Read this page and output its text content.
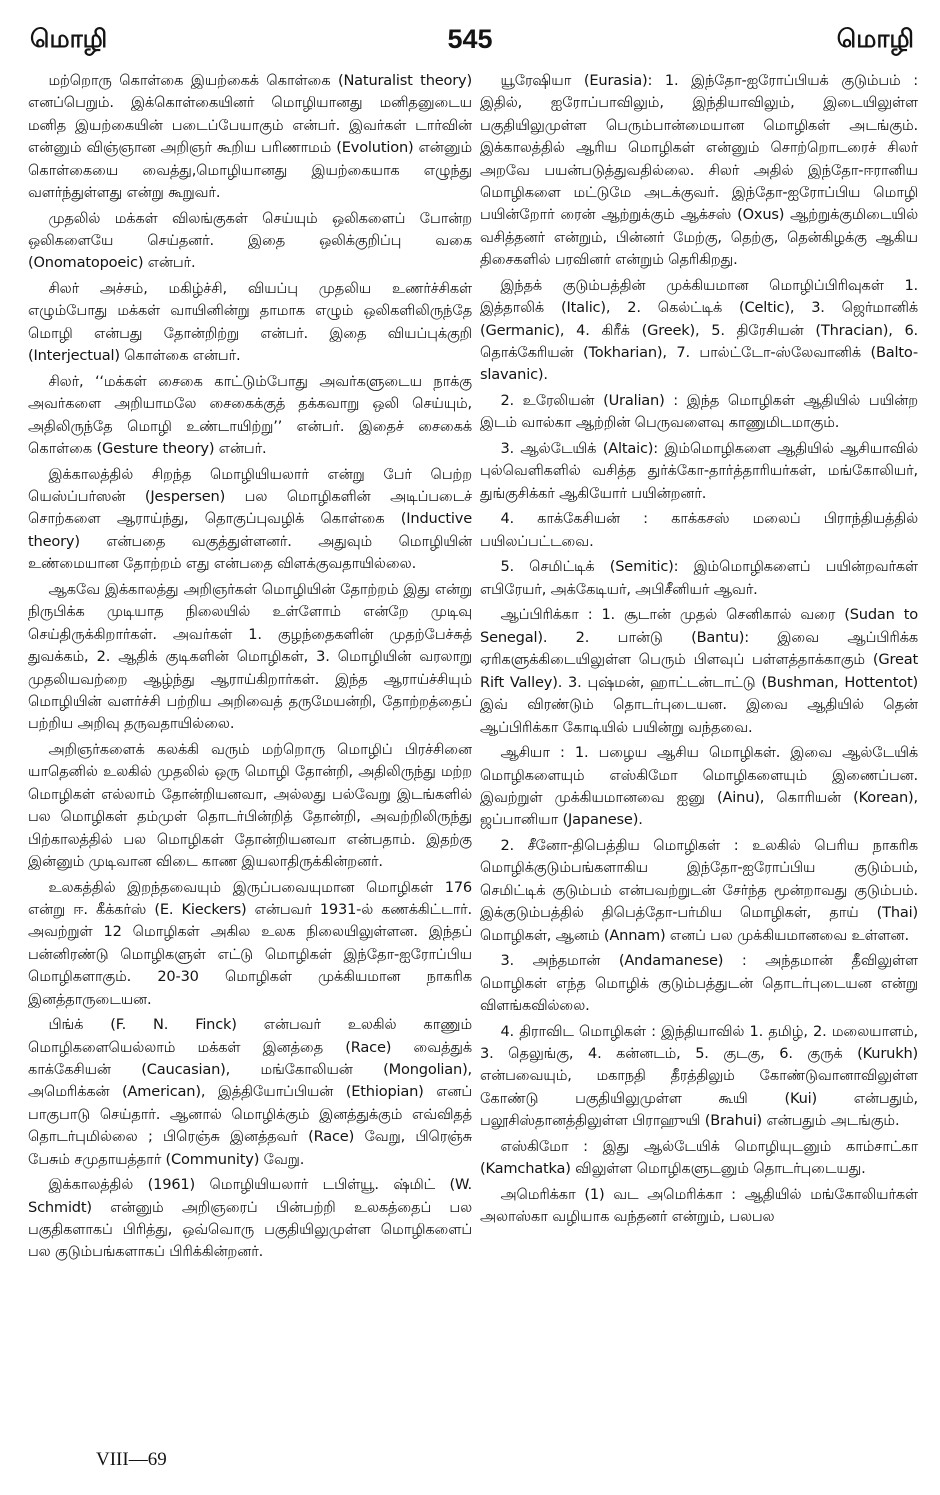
மொழி	545	மொழி

மற்றொரு கொள்கை இயற்கைக் கொள்கை (Naturalist theory) எனப்பெறும். இக்கொள்கையினர் மொழியானது மனிதனுடைய மனித இயற்கையின் படைப்பேயாகும் என்பர். இவர்கள் டார்வின் என்னும் விஞ்ஞான அறிஞர் கூறிய பரிணாமம் (Evolution) என்னும் கொள்கையை வைத்து,மொழியானது இயற்கையாக எழுந்து வளர்ந்துள்ளது என்று கூறுவர்.

முதலில் மக்கள் விலங்குகள் செய்யும் ஒலிகளைப் போன்ற ஒலிகளையே செய்தனர். இதை ஒலிக்குறிப்பு வகை (Onomatopoeic) என்பர்.

சிலர் அச்சம், மகிழ்ச்சி, வியப்பு முதலிய உணர்ச்சிகள் எழும்போது மக்கள் வாயினின்று தாமாக எழும் ஒலிகளிலிருந்தே மொழி என்பது தோன்றிற்று என்பர். இதை வியப்புக்குறி (Interjectual) கொள்கை என்பர்.

சிலர், ‘‘மக்கள் சைகை காட்டும்போது அவர்களுடைய நாக்கு அவர்களை அறியாமலே சைகைக்குத் தக்கவாறு ஒலி செய்யும், அதிலிருந்தே மொழி உண்டாயிற்று’’ என்பர். இதைச் சைகைக் கொள்கை (Gesture theory) என்பர்.

இக்காலத்தில் சிறந்த மொழியியலார் என்று பேர் பெற்ற யெஸ்ப்பர்ஸன் (Jespersen) பல மொழிகளின் அடிப்படைச் சொற்களை ஆராய்ந்து, தொகுப்புவழிக் கொள்கை (Inductive theory) என்பதை வகுத்துள்ளனர். அதுவும் மொழியின் உண்மையான தோற்றம் எது என்பதை விளக்குவதாயில்லை.

ஆகவே இக்காலத்து அறிஞர்கள் மொழியின் தோற்றம் இது என்று நிருபிக்க முடியாத நிலையில் உள்ளோம் என்றே முடிவு செய்திருக்கிறார்கள். அவர்கள் 1. குழந்தைகளின் முதற்பேச்சுத் துவக்கம், 2. ஆதிக் குடிகளின் மொழிகள், 3. மொழியின் வரலாறு முதலியவற்றை ஆழ்ந்து ஆராய்கிறார்கள். இந்த ஆராய்ச்சியும் மொழியின் வளர்ச்சி பற்றிய அறிவைத் தருமேயன்றி, தோற்றத்தைப் பற்றிய அறிவு தருவதாயில்லை.

அறிஞர்களைக் கலக்கி வரும் மற்றொரு மொழிப் பிரச்சினை யாதெனில் உலகில் முதலில் ஒரு மொழி தோன்றி, அதிலிருந்து மற்ற மொழிகள் எல்லாம் தோன்றியனவா, அல்லது பல்வேறு இடங்களில் பல மொழிகள் தம்முள் தொடர்பின்றித் தோன்றி, அவற்றிலிருந்து பிற்காலத்தில் பல மொழிகள் தோன்றியனவா என்பதாம். இதற்கு இன்னும் முடிவான விடை காண இயலாதிருக்கின்றனர்.

உலகத்தில் இறந்தவையும் இருப்பவையுமான மொழிகள் 176 என்று ஈ. கீக்கர்ஸ் (E. Kieckers) என்பவர் 1931-ல் கணக்கிட்டார். அவற்றுள் 12 மொழிகள் அகில உலக நிலையிலுள்ளன. இந்தப் பன்னிரண்டு மொழிகளுள் எட்டு மொழிகள் இந்தோ-ஐரோப்பிய மொழிகளாகும். 20-30 மொழிகள் முக்கியமான நாகரிக இனத்தாருடையன.

பிங்க் (F. N. Finck) என்பவர் உலகில் காணும் மொழிகளையெல்லாம் மக்கள் இனத்தை (Race) வைத்துக் காக்கேசியன் (Caucasian), மங்கோலியன் (Mongolian), அமெரிக்கன் (American), இத்தியோப்பியன் (Ethiopian) எனப் பாகுபாடு செய்தார். ஆனால் மொழிக்கும் இனத்துக்கும் எவ்விதத் தொடர்புமில்லை ; பிரெஞ்சு இனத்தவர் (Race) வேறு, பிரெஞ்சு பேசும் சமுதாயத்தார் (Community) வேறு.

இக்காலத்தில் (1961) மொழியியலார் டபிள்யூ. ஷ்மிட் (W. Schmidt) என்னும் அறிஞரைப் பின்பற்றி உலகத்தைப் பல பகுதிகளாகப் பிரித்து, ஒவ்வொரு பகுதியிலுமுள்ள மொழிகளைப் பல குடும்பங்களாகப் பிரிக்கின்றனர்.

யூரேஷியா (Eurasia): 1. இந்தோ-ஐரோப்பியக் குடும்பம் : இதில், ஐரோப்பாவிலும், இந்தியாவிலும், இடையிலுள்ள பகுதியிலுமுள்ள பெரும்பான்மையான மொழிகள் அடங்கும். இக்காலத்தில் ஆரிய மொழிகள் என்னும் சொற்றொடரைச் சிலர் அறவே பயன்படுத்துவதில்லை. சிலர் அதில் இந்தோ-ஈரானிய மொழிகளை மட்டுமே அடக்குவர். இந்தோ-ஐரோப்பிய மொழி பயின்றோர் ரைன் ஆற்றுக்கும் ஆக்சஸ் (Oxus) ஆற்றுக்குமிடையில் வசித்தனர் என்றும், பின்னர் மேற்கு, தெற்கு, தென்கிழக்கு ஆகிய திசைகளில் பரவினர் என்றும் தெரிகிறது.

இந்தக் குடும்பத்தின் முக்கியமான மொழிப்பிரிவுகள் 1. இத்தாலிக் (Italic), 2. கெல்ட்டிக் (Celtic), 3. ஜெர்மானிக் (Germanic), 4. கிரீக் (Greek), 5. திரேசியன் (Thracian), 6. தொக்கேரியன் (Tokharian), 7. பால்ட்டோ-ஸ்லேவானிக் (Balto-slavanic).

2. உரேலியன் (Uralian) : இந்த மொழிகள் ஆதியில் பயின்ற இடம் வால்கா ஆற்றின் பெருவளைவு காணுமிடமாகும்.

3. ஆல்டேயிக் (Altaic): இம்மொழிகளை ஆதியில் ஆசியாவில் புல்வெளிகளில் வசித்த துர்க்கோ-தார்த்தாரியர்கள், மங்கோலியர், துங்குசிக்கர் ஆகியோர் பயின்றனர்.

4. காக்கேசியன் : காக்கசஸ் மலைப் பிராந்தியத்தில் பயிலப்பட்டவை.

5. செமிட்டிக் (Semitic): இம்மொழிகளைப் பயின்றவர்கள் எபிரேயர், அக்கேடியர், அபிசீனியர் ஆவர்.

ஆப்பிரிக்கா : 1. சூடான் முதல் செனிகால் வரை (Sudan to Senegal). 2. பான்டு (Bantu): இவை ஆப்பிரிக்க ஏரிகளுக்கிடையிலுள்ள பெரும் பிளவுப் பள்ளத்தாக்காகும் (Great Rift Valley). 3. புஷ்மன், ஹாட்டன்டாட்டு (Bushman, Hottentot) இவ் விரண்டும் தொடர்புடையன. இவை ஆதியில் தென் ஆப்பிரிக்கா கோடியில் பயின்று வந்தவை.

ஆசியா : 1. பழைய ஆசிய மொழிகள். இவை ஆல்டேயிக் மொழிகளையும் எஸ்கிமோ மொழிகளையும் இணைப்பன. இவற்றுள் முக்கியமானவை ஐனு (Ainu), கொரியன் (Korean), ஜப்பானியா (Japanese).

2. சீனோ-திபெத்திய மொழிகள் : உலகில் பெரிய நாகரிக மொழிக்குடும்பங்களாகிய இந்தோ-ஐரோப்பிய குடும்பம், செமிட்டிக் குடும்பம் என்பவற்றுடன் சேர்ந்த மூன்றாவது குடும்பம். இக்குடும்பத்தில் திபெத்தோ-பர்மிய மொழிகள், தாய் (Thai) மொழிகள், ஆனம் (Annam) எனப் பல முக்கியமானவை உள்ளன.

3. அந்தமான் (Andamanese) : அந்தமான் தீவிலுள்ள மொழிகள் எந்த மொழிக் குடும்பத்துடன் தொடர்புடையன என்று விளங்கவில்லை.

4. திராவிட மொழிகள் : இந்தியாவில் 1. தமிழ், 2. மலையாளம், 3. தெலுங்கு, 4. கன்னடம், 5. குடகு, 6. குருக் (Kurukh) என்பவையும், மகாநதி தீரத்திலும் கோண்டுவானாவிலுள்ள கோண்டு பகுதியிலுமுள்ள கூயி (Kui) என்பதும், பலூசிஸ்தானத்திலுள்ள பிராஹுயி (Brahui) என்பதும் அடங்கும்.

எஸ்கிமோ : இது ஆல்டேயிக் மொழியுடனும் காம்சாட்கா (Kamchatka) விலுள்ள மொழிகளுடனும் தொடர்புடையது.

அமெரிக்கா (1) வட அமெரிக்கா : ஆதியில் மங்கோலியர்கள் அலாஸ்கா வழியாக வந்தனர் என்றும், பலபல

VIII—69
